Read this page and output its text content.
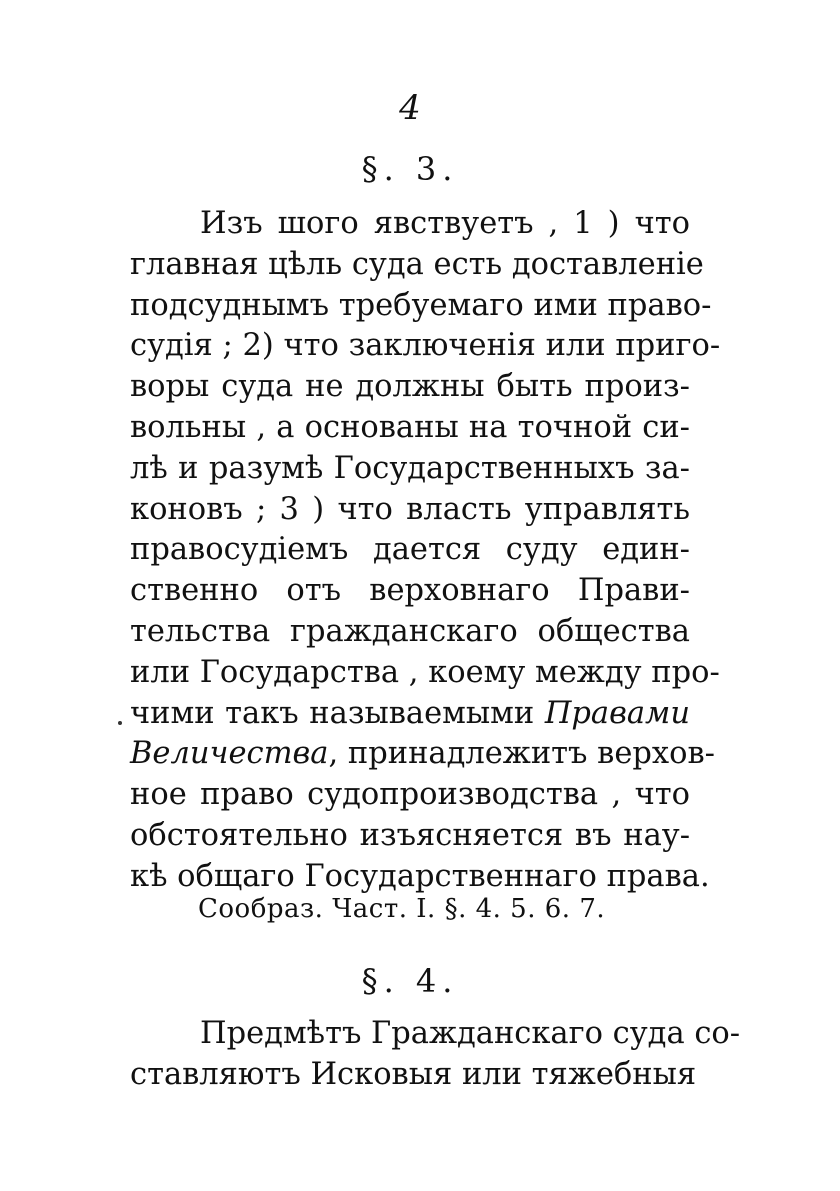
4
§. 3.
Изъ шого явствуетъ , 1 ) что
главная цѣль суда есть доставленіе
подсуднымъ требуемаго ими право-
судія ; 2) что заключенія или приго-
воры суда не должны быть произ-
вольны , а основаны на точной си-
лѣ и разумѣ Государственныхъ за-
коновъ ; 3 ) что власть управлять
правосудіемъ дается суду един-
ственно отъ верховнаго Прави-
тельства гражданскаго общества
или Государства , коему между про-
чими такъ называемыми Правами
Величества, принадлежитъ верхов-
ное право судопроизводства , что
обстоятельно изъясняется въ нау-
кѣ общаго Государственнаго права.
Сообраз. Част. I. §. 4. 5. 6. 7.
§. 4.
Предмѣтъ Гражданскаго суда со-
ставляютъ Исковыя или тяжебныя
